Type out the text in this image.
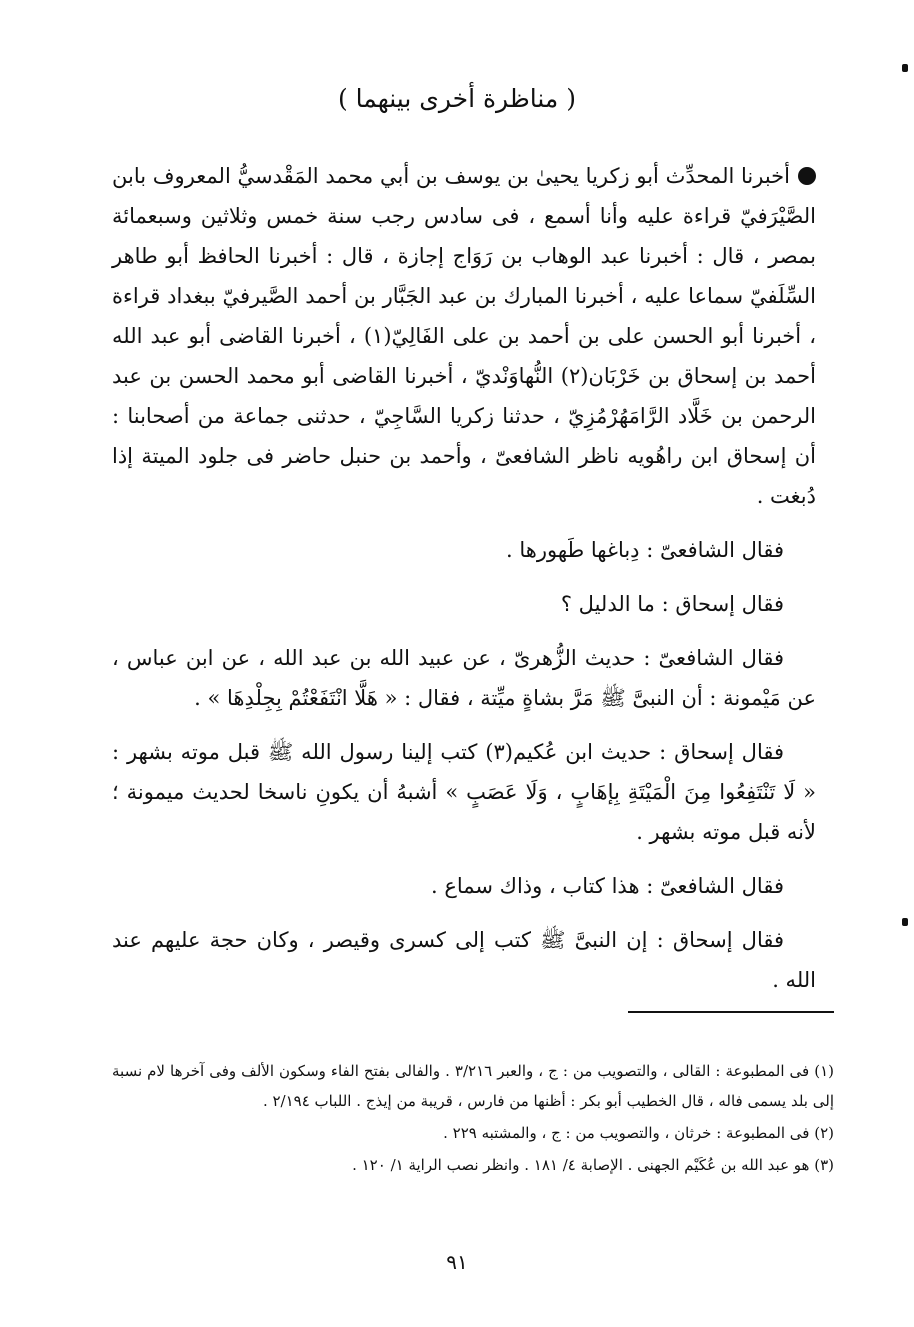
( مناظرة أخرى بينهما )

أخبرنا المحدِّث أبو زكريا يحيىٰ بن يوسف بن أبي محمد المَقْدسيُّ المعروف بابن الصَّيْرَفيّ قراءة عليه وأنا أسمع ، فى سادس رجب سنة خمس وثلاثين وسبعمائة بمصر ، قال : أخبرنا عبد الوهاب بن رَوَاج إجازة ، قال : أخبرنا الحافظ أبو طاهر السِّلَفيّ سماعا عليه ، أخبرنا المبارك بن عبد الجَبَّار بن أحمد الصَّيرفيّ ببغداد قراءة ، أخبرنا أبو الحسن على بن أحمد بن على الفَالِيّ(١) ، أخبرنا القاضى أبو عبد الله أحمد بن إسحاق بن خَرْبَان(٢) النُّهاوَنْديّ ، أخبرنا القاضى أبو محمد الحسن بن عبد الرحمن بن خَلَّاد الرَّامَهُرْمُزِيّ ، حدثنا زكريا السَّاجِيّ ، حدثنى جماعة من أصحابنا : أن إسحاق ابن راهُويه ناظر الشافعىّ ، وأحمد بن حنبل حاضر فى جلود الميتة إذا دُبغت .

فقال الشافعىّ : دِباغها طَهورها .

فقال إسحاق : ما الدليل ؟

فقال الشافعىّ : حديث الزُّهرىّ ، عن عبيد الله بن عبد الله ، عن ابن عباس ، عن مَيْمونة : أن النبىَّ ﷺ مَرَّ بشاةٍ ميِّتة ، فقال : « هَلَّا انْتَفَعْتُمْ بِجِلْدِهَا » .

فقال إسحاق : حديث ابن عُكيم(٣) كتب إلينا رسول الله ﷺ قبل موته بشهر : « لَا تَنْتَفِعُوا مِنَ الْمَيْتَةِ بِإهَابٍ ، وَلَا عَصَبٍ » أشبهُ أن يكونِ ناسخا لحديث ميمونة ؛ لأنه قبل موته بشهر .

فقال الشافعىّ : هذا كتاب ، وذاك سماع .

فقال إسحاق : إن النبىَّ ﷺ كتب إلى كسرى وقيصر ، وكان حجة عليهم عند الله .

(١) فى المطبوعة : القالى ، والتصويب من : ج ، والعبر ٣/٢١٦ . والفالى بفتح الفاء وسكون الألف وفى آخرها لام نسبة إلى بلد يسمى فاله ، قال الخطيب أبو بكر : أظنها من فارس ، قريبة من إيذج . اللباب ٢/١٩٤ .

(٢) فى المطبوعة : خرثان ، والتصويب من : ج ، والمشتبه ٢٢٩ .

(٣) هو عبد الله بن عُكَيْم الجهنى . الإصابة ٤/ ١٨١ . وانظر نصب الراية ١/ ١٢٠ .

٩١
